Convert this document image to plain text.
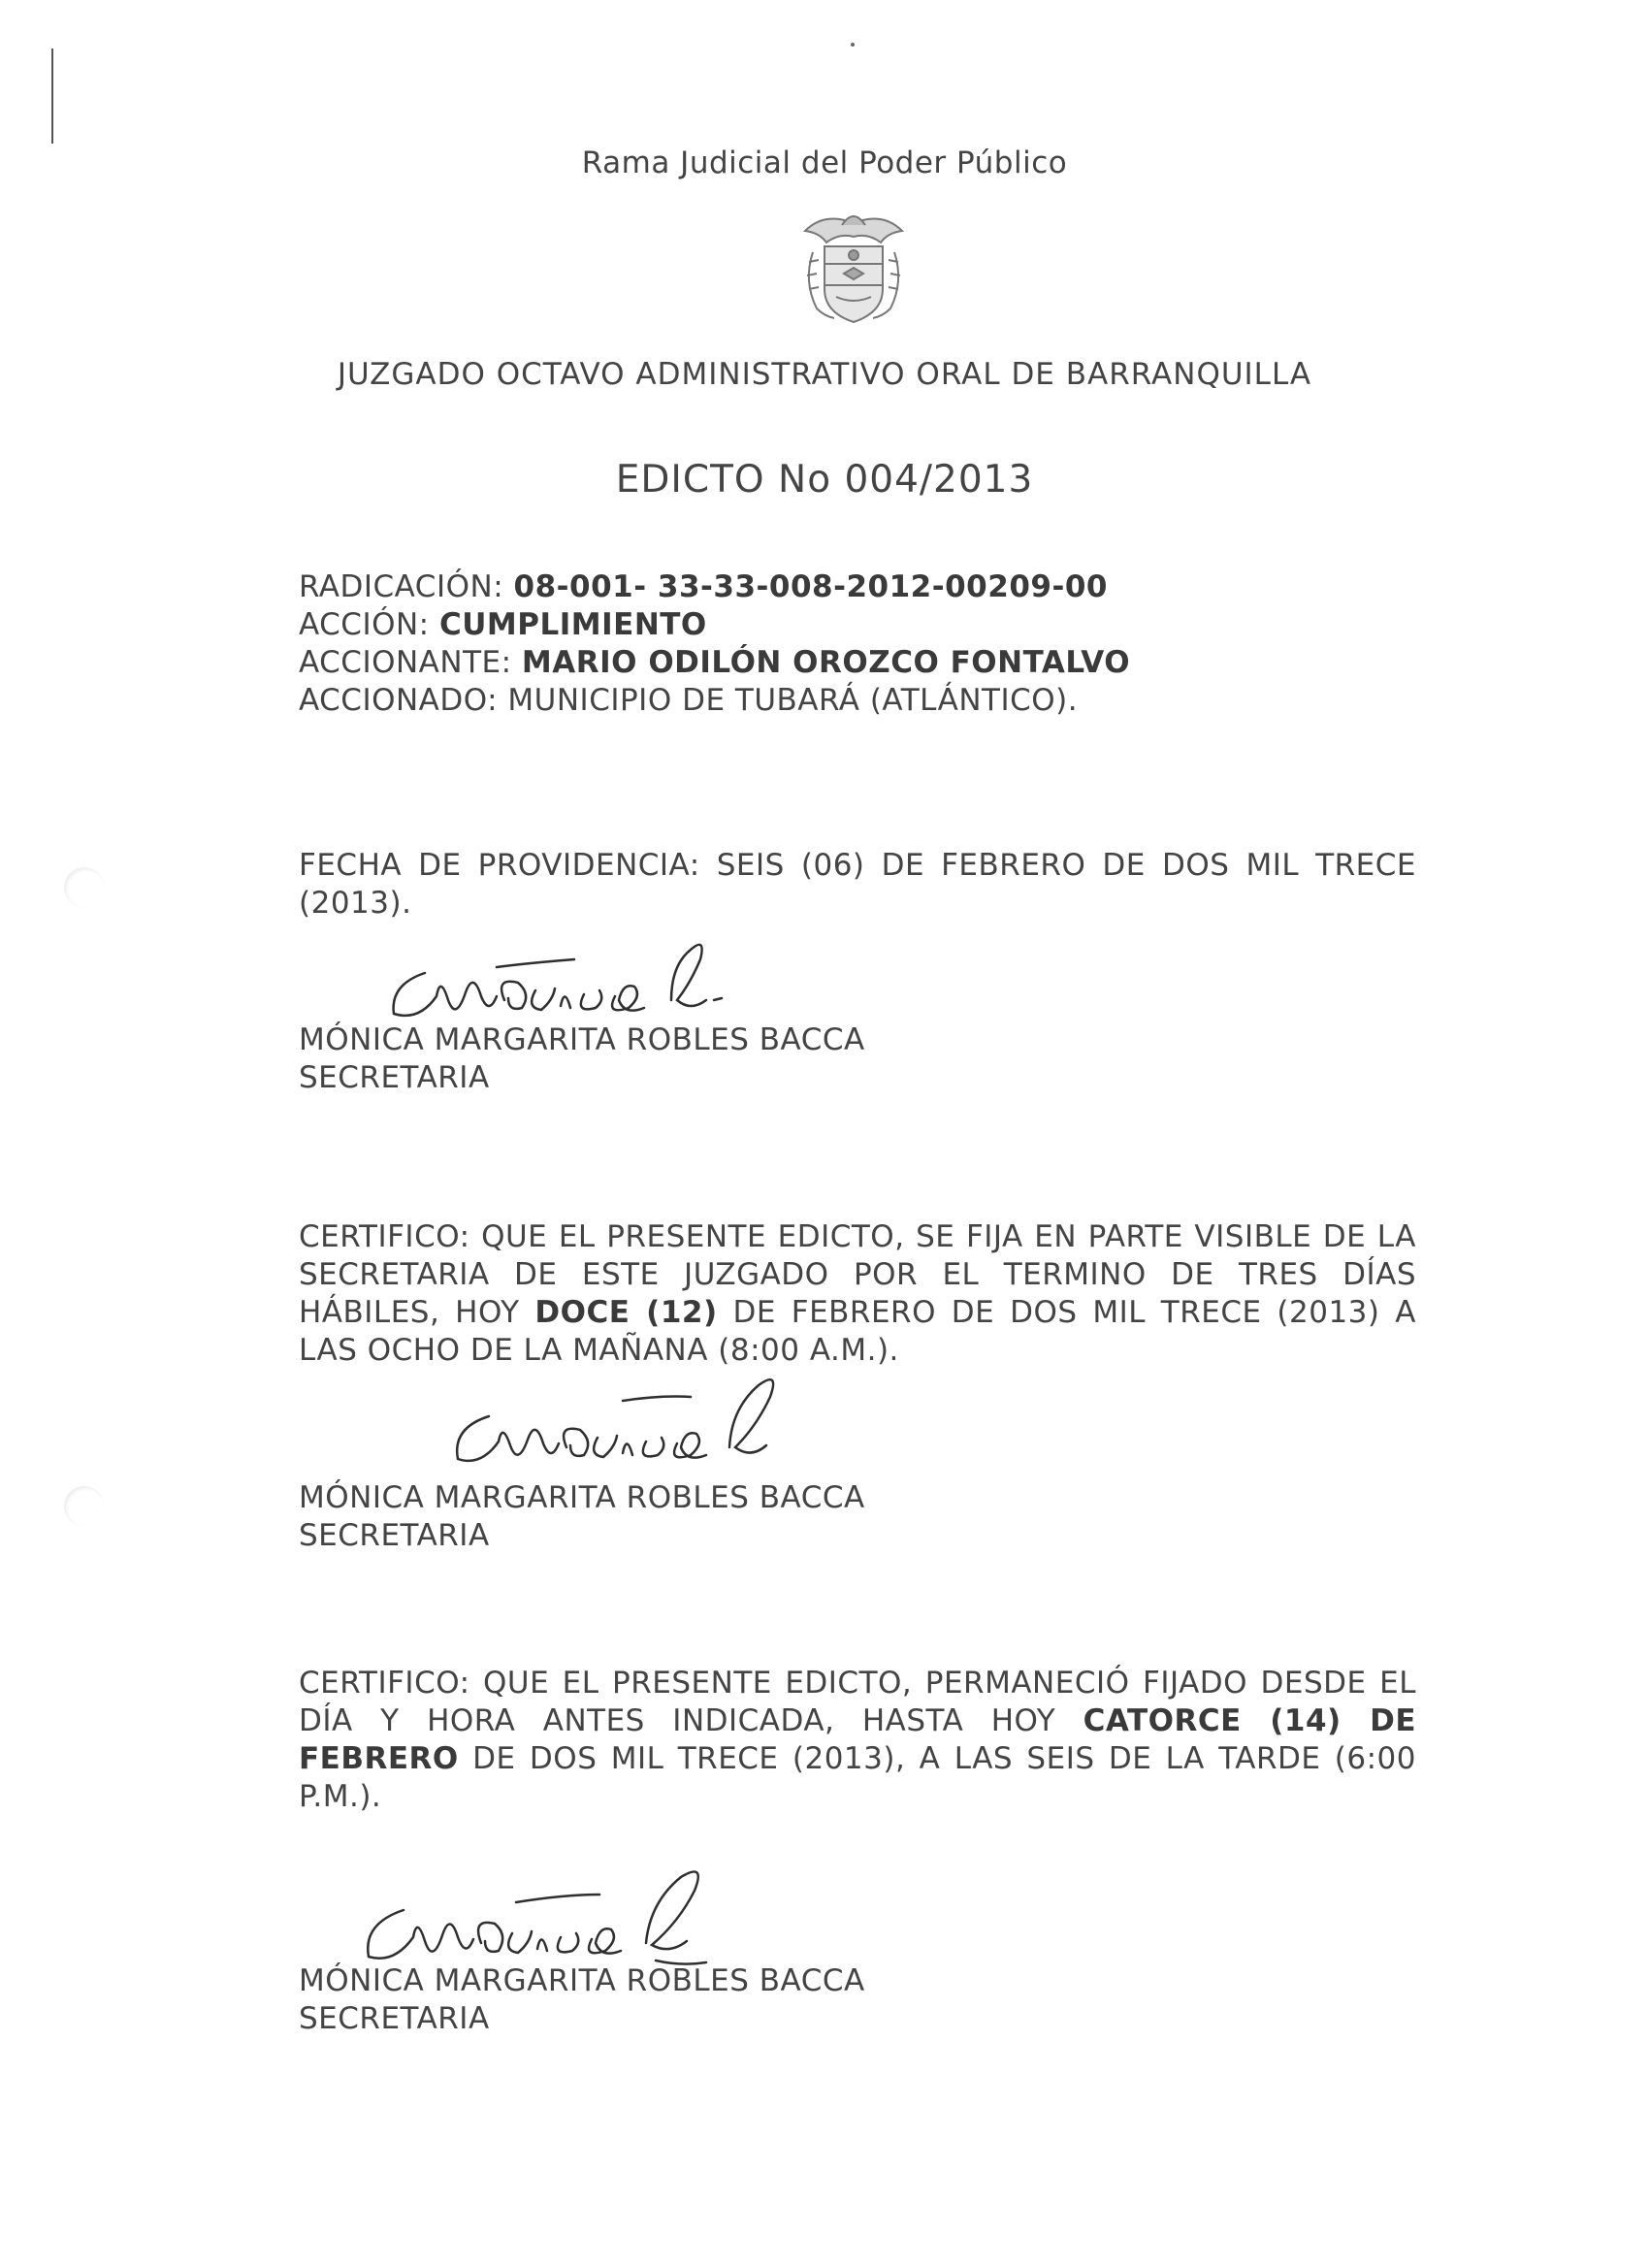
Rama Judicial del Poder Público
JUZGADO OCTAVO ADMINISTRATIVO ORAL DE BARRANQUILLA
EDICTO No 004/2013
RADICACIÓN: 08-001- 33-33-008-2012-00209-00
ACCIÓN: CUMPLIMIENTO
ACCIONANTE: MARIO ODILÓN OROZCO FONTALVO
ACCIONADO: MUNICIPIO DE TUBARÁ (ATLÁNTICO).
FECHA DE PROVIDENCIA: SEIS (06) DE FEBRERO DE DOS MIL TRECE (2013).
MÓNICA MARGARITA ROBLES BACCA
SECRETARIA
CERTIFICO: QUE EL PRESENTE EDICTO, SE FIJA EN PARTE VISIBLE DE LA SECRETARIA DE ESTE JUZGADO POR EL TERMINO DE TRES DÍAS HÁBILES, HOY DOCE (12) DE FEBRERO DE DOS MIL TRECE (2013) A LAS OCHO DE LA MAÑANA (8:00 A.M.).
MÓNICA MARGARITA ROBLES BACCA
SECRETARIA
CERTIFICO: QUE EL PRESENTE EDICTO, PERMANECIÓ FIJADO DESDE EL DÍA Y HORA ANTES INDICADA, HASTA HOY CATORCE (14) DE FEBRERO DE DOS MIL TRECE (2013), A LAS SEIS DE LA TARDE (6:00 P.M.).
MÓNICA MARGARITA ROBLES BACCA
SECRETARIA
